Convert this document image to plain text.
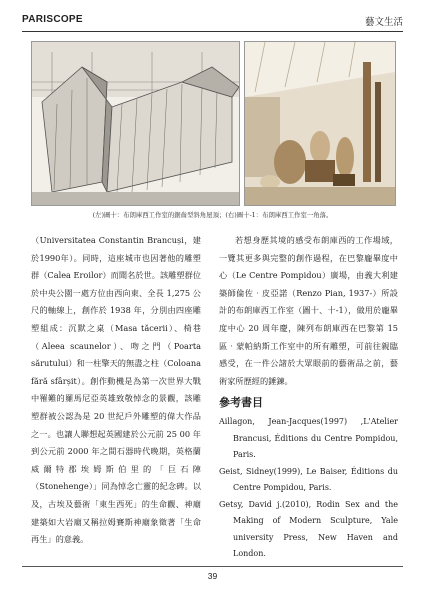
PARISCOPE	藝文生活
(左)圖十：布朗庫西工作室的鋸齒型斜角屋頂；(右)圖十-1：布朗庫西工作室一角落。

（Universitatea Constantin Brancuși，建於1990年）。同時，這座城市也因著他的雕塑群（Calea Eroilor）而聞名於世。該雕塑群位於中央公園一處方位由西向東、全長 1,275 公尺的軸線上，創作於 1938 年，分別由四座雕塑組成：沉默之桌（Masa tăcerii）、椅巷（Aleea scaunelor）、吻之門（Poarta sărutului）和一柱擎天的無盡之柱（Coloana fără sfârșit）。創作動機是為第一次世界大戰中罹難的羅馬尼亞英雄致敬悼念的景觀，該雕塑群被公認為是 20 世紀戶外雕塑的偉大作品之一。也讓人聯想起英國建於公元前 25 00 年到公元前 2000 年之間石器時代晚期，英格蘭威爾特郡埃姆斯伯里的「巨石陣（Stonehenge）」同為悼念亡靈的紀念碑。以及，古埃及藝術「東生西死」的生命觀、神廟建築如大岩廟又稱拉姆賽斯神廟象徵著「生命再生」的意義。

若想身歷其境的感受布朗庫西的工作場域，一覽其更多與完整的創作過程，在巴黎龐畢度中心（Le Centre Pompidou）廣場，由義大利建築師倫佐‧皮亞諾（Renzo Pian, 1937-）所設計的布朗庫西工作室（圖十、十-1），做用於龐畢度中心 20 周年慶，陳列布朗庫西在巴黎第 15 區‧蒙帕納斯工作室中的所有雕塑，可前往親臨感受，在一件公諸於大眾眼前的藝術品之前，藝術家所歷經的錘鍊。

參考書目

Aillagon, Jean-Jacques(1997) ,L'Atelier Brancusi, Éditions du Centre Pompidou, Paris.

Geist, Sidney(1999), Le Baiser, Éditions du Centre Pompidou, Paris.

Getsy, David j.(2010), Rodin Sex and the Making of Modern Sculpture, Yale university Press, New Haven and London.

39
